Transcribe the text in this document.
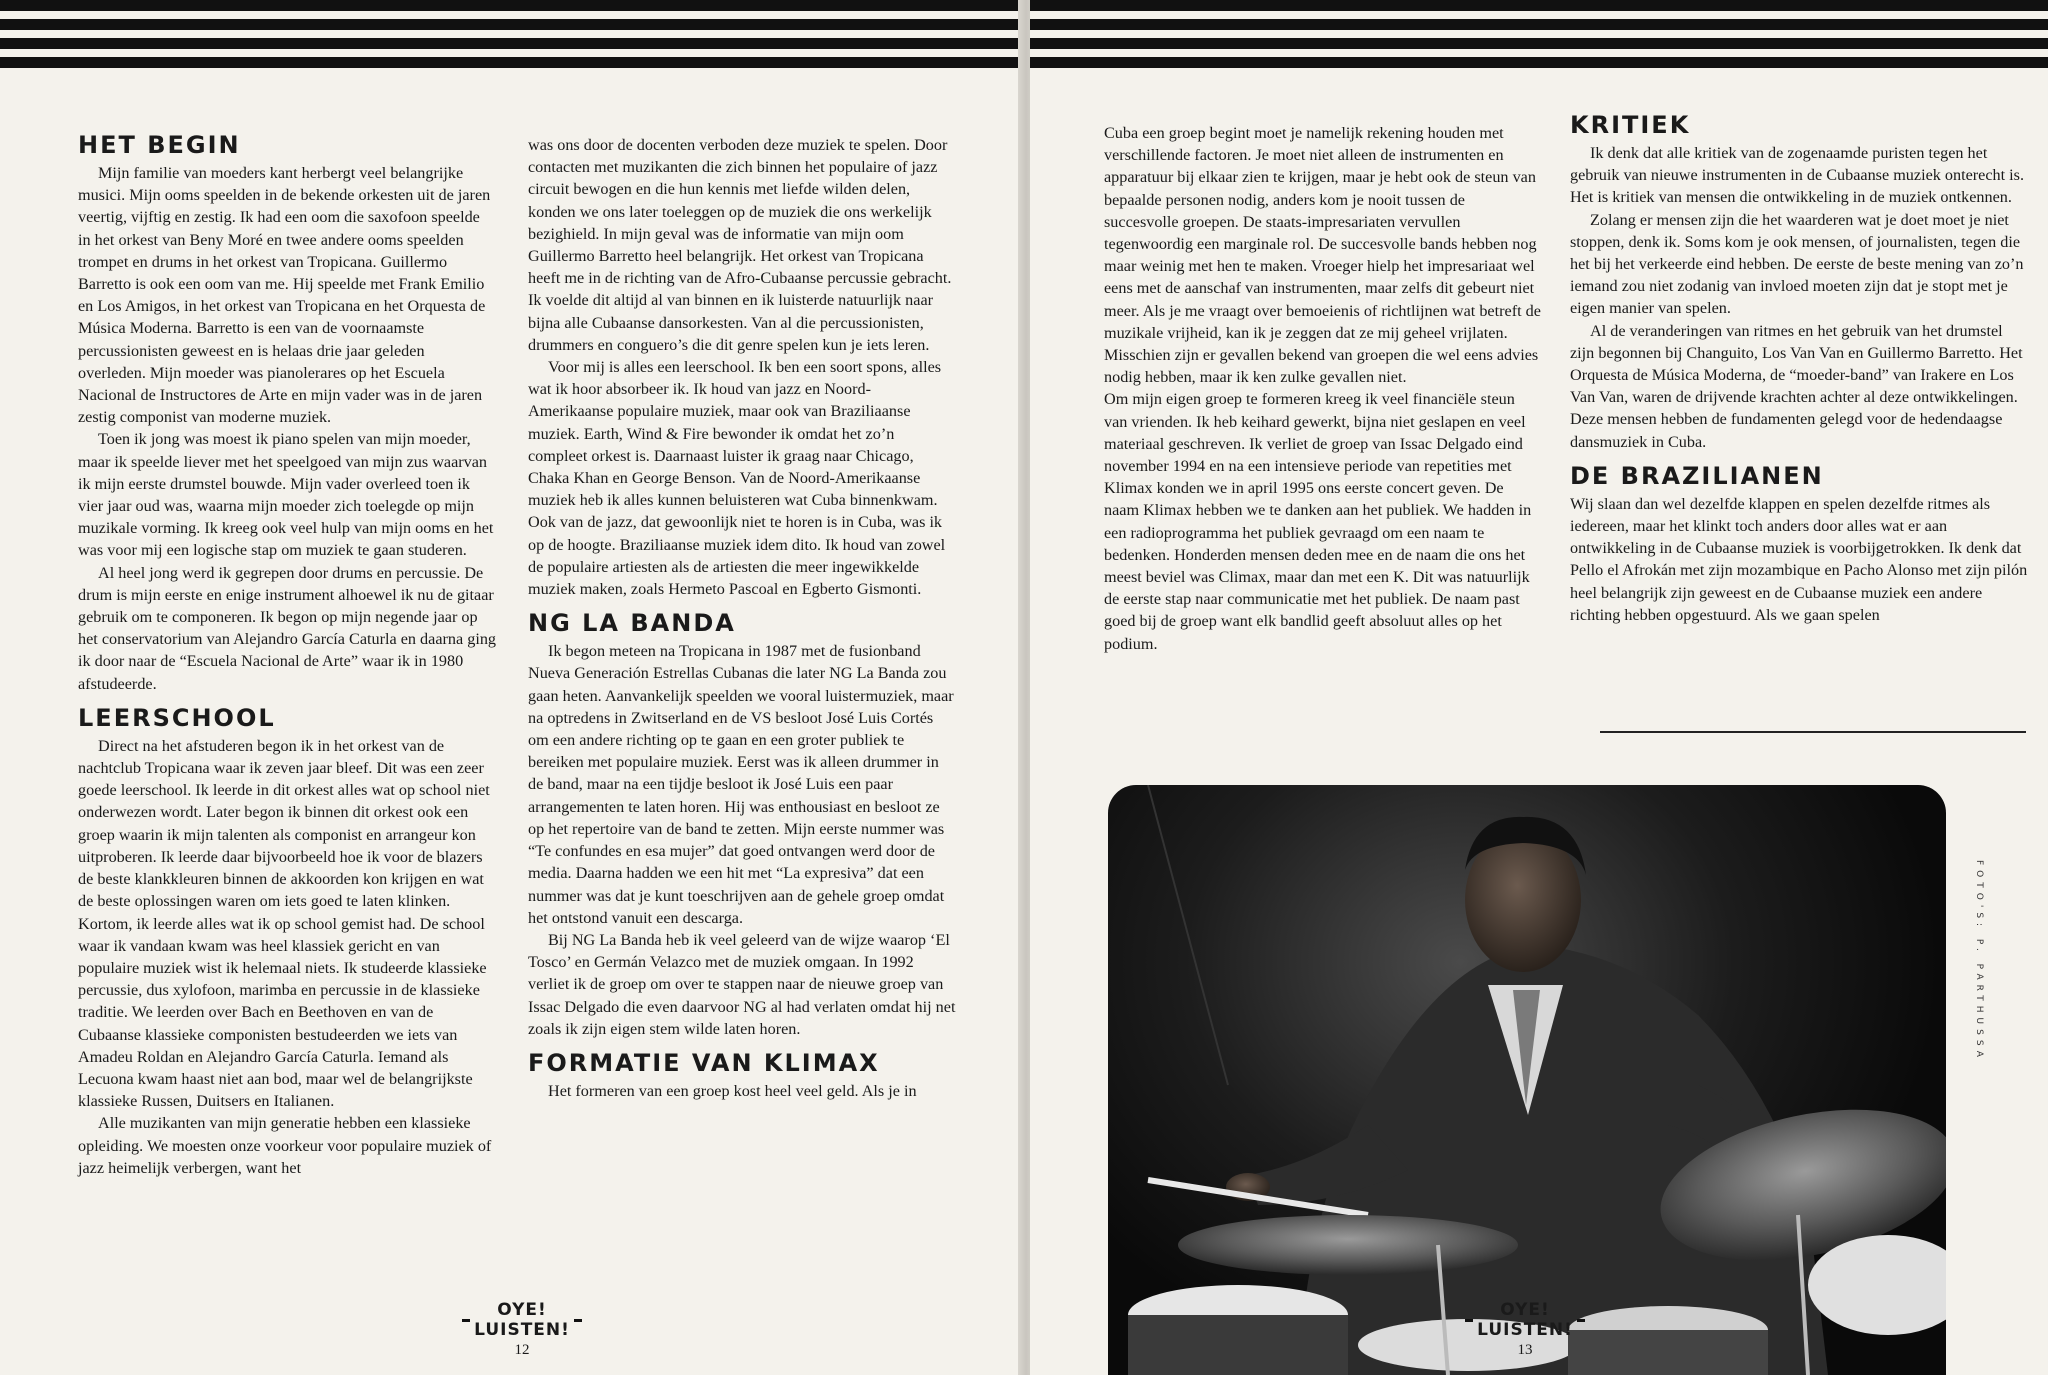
HET BEGIN

Mijn familie van moeders kant herbergt veel belangrijke musici. Mijn ooms speelden in de bekende orkesten uit de jaren veertig, vijftig en zestig. Ik had een oom die saxofoon speelde in het orkest van Beny Moré en twee andere ooms speelden trompet en drums in het orkest van Tropicana. Guillermo Barretto is ook een oom van me. Hij speelde met Frank Emilio en Los Amigos, in het orkest van Tropicana en het Orquesta de Música Moderna. Barretto is een van de voornaamste percussionisten geweest en is helaas drie jaar geleden overleden. Mijn moeder was pianolerares op het Escuela Nacional de Instructores de Arte en mijn vader was in de jaren zestig componist van moderne muziek.

Toen ik jong was moest ik piano spelen van mijn moeder, maar ik speelde liever met het speelgoed van mijn zus waarvan ik mijn eerste drumstel bouwde. Mijn vader overleed toen ik vier jaar oud was, waarna mijn moeder zich toelegde op mijn muzikale vorming. Ik kreeg ook veel hulp van mijn ooms en het was voor mij een logische stap om muziek te gaan studeren.

Al heel jong werd ik gegrepen door drums en percussie. De drum is mijn eerste en enige instrument alhoewel ik nu de gitaar gebruik om te componeren. Ik begon op mijn negende jaar op het conservatorium van Alejandro García Caturla en daarna ging ik door naar de “Escuela Nacional de Arte” waar ik in 1980 afstudeerde.

LEERSCHOOL

Direct na het afstuderen begon ik in het orkest van de nachtclub Tropicana waar ik zeven jaar bleef. Dit was een zeer goede leerschool. Ik leerde in dit orkest alles wat op school niet onderwezen wordt. Later begon ik binnen dit orkest ook een groep waarin ik mijn talenten als componist en arrangeur kon uitproberen. Ik leerde daar bijvoorbeeld hoe ik voor de blazers de beste klankkleuren binnen de akkoorden kon krijgen en wat de beste oplossingen waren om iets goed te laten klinken. Kortom, ik leerde alles wat ik op school gemist had. De school waar ik vandaan kwam was heel klassiek gericht en van populaire muziek wist ik helemaal niets. Ik studeerde klassieke percussie, dus xylofoon, marimba en percussie in de klassieke traditie. We leerden over Bach en Beethoven en van de Cubaanse klassieke componisten bestudeerden we iets van Amadeu Roldan en Alejandro García Caturla. Iemand als Lecuona kwam haast niet aan bod, maar wel de belangrijkste klassieke Russen, Duitsers en Italianen.

Alle muzikanten van mijn generatie hebben een klassieke opleiding. We moesten onze voorkeur voor populaire muziek of jazz heimelijk verbergen, want het

was ons door de docenten verboden deze muziek te spelen. Door contacten met muzikanten die zich binnen het populaire of jazz circuit bewogen en die hun kennis met liefde wilden delen, konden we ons later toeleggen op de muziek die ons werkelijk bezighield. In mijn geval was de informatie van mijn oom Guillermo Barretto heel belangrijk. Het orkest van Tropicana heeft me in de richting van de Afro-Cubaanse percussie gebracht. Ik voelde dit altijd al van binnen en ik luisterde natuurlijk naar bijna alle Cubaanse dansorkesten. Van al die percussionisten, drummers en conguero’s die dit genre spelen kun je iets leren.

Voor mij is alles een leerschool. Ik ben een soort spons, alles wat ik hoor absorbeer ik. Ik houd van jazz en Noord-Amerikaanse populaire muziek, maar ook van Braziliaanse muziek. Earth, Wind & Fire bewonder ik omdat het zo’n compleet orkest is. Daarnaast luister ik graag naar Chicago, Chaka Khan en George Benson. Van de Noord-Amerikaanse muziek heb ik alles kunnen beluisteren wat Cuba binnenkwam. Ook van de jazz, dat gewoonlijk niet te horen is in Cuba, was ik op de hoogte. Braziliaanse muziek idem dito. Ik houd van zowel de populaire artiesten als de artiesten die meer ingewikkelde muziek maken, zoals Hermeto Pascoal en Egberto Gismonti.

NG LA BANDA

Ik begon meteen na Tropicana in 1987 met de fusionband Nueva Generación Estrellas Cubanas die later NG La Banda zou gaan heten. Aanvankelijk speelden we vooral luistermuziek, maar na optredens in Zwitserland en de VS besloot José Luis Cortés om een andere richting op te gaan en een groter publiek te bereiken met populaire muziek. Eerst was ik alleen drummer in de band, maar na een tijdje besloot ik José Luis een paar arrangementen te laten horen. Hij was enthousiast en besloot ze op het repertoire van de band te zetten. Mijn eerste nummer was “Te confundes en esa mujer” dat goed ontvangen werd door de media. Daarna hadden we een hit met “La expresiva” dat een nummer was dat je kunt toeschrijven aan de gehele groep omdat het ontstond vanuit een descarga.

Bij NG La Banda heb ik veel geleerd van de wijze waarop ‘El Tosco’ en Germán Velazco met de muziek omgaan. In 1992 verliet ik de groep om over te stappen naar de nieuwe groep van Issac Delgado die even daarvoor NG al had verlaten omdat hij net zoals ik zijn eigen stem wilde laten horen.

FORMATIE VAN KLIMAX

Het formeren van een groep kost heel veel geld. Als je in

OYE! LUISTEN!
12

Cuba een groep begint moet je namelijk rekening houden met verschillende factoren. Je moet niet alleen de instrumenten en apparatuur bij elkaar zien te krijgen, maar je hebt ook de steun van bepaalde personen nodig, anders kom je nooit tussen de succesvolle groepen. De staats-impresariaten vervullen tegenwoordig een marginale rol. De succesvolle bands hebben nog maar weinig met hen te maken. Vroeger hielp het impresariaat wel eens met de aanschaf van instrumenten, maar zelfs dit gebeurt niet meer. Als je me vraagt over bemoeienis of richtlijnen wat betreft de muzikale vrijheid, kan ik je zeggen dat ze mij geheel vrijlaten. Misschien zijn er gevallen bekend van groepen die wel eens advies nodig hebben, maar ik ken zulke gevallen niet.

Om mijn eigen groep te formeren kreeg ik veel financiële steun van vrienden. Ik heb keihard gewerkt, bijna niet geslapen en veel materiaal geschreven. Ik verliet de groep van Issac Delgado eind november 1994 en na een intensieve periode van repetities met Klimax konden we in april 1995 ons eerste concert geven. De naam Klimax hebben we te danken aan het publiek. We hadden in een radioprogramma het publiek gevraagd om een naam te bedenken. Honderden mensen deden mee en de naam die ons het meest beviel was Climax, maar dan met een K. Dit was natuurlijk de eerste stap naar communicatie met het publiek. De naam past goed bij de groep want elk bandlid geeft absoluut alles op het podium.

KRITIEK

Ik denk dat alle kritiek van de zogenaamde puristen tegen het gebruik van nieuwe instrumenten in de Cubaanse muziek onterecht is. Het is kritiek van mensen die ontwikkeling in de muziek ontkennen.

Zolang er mensen zijn die het waarderen wat je doet moet je niet stoppen, denk ik. Soms kom je ook mensen, of journalisten, tegen die het bij het verkeerde eind hebben. De eerste de beste mening van zo’n iemand zou niet zodanig van invloed moeten zijn dat je stopt met je eigen manier van spelen.

Al de veranderingen van ritmes en het gebruik van het drumstel zijn begonnen bij Changuito, Los Van Van en Guillermo Barretto. Het Orquesta de Música Moderna, de “moeder-band” van Irakere en Los Van Van, waren de drijvende krachten achter al deze ontwikkelingen. Deze mensen hebben de fundamenten gelegd voor de hedendaagse dansmuziek in Cuba.

DE BRAZILIANEN

Wij slaan dan wel dezelfde klappen en spelen dezelfde ritmes als iedereen, maar het klinkt toch anders door alles wat er aan ontwikkeling in de Cubaanse muziek is voorbijgetrokken. Ik denk dat Pello el Afrokán met zijn mozambique en Pacho Alonso met zijn pilón heel belangrijk zijn geweest en de Cubaanse muziek een andere richting hebben opgestuurd. Als we gaan spelen

FOTO'S: P. PARTHUSSA
OYE! LUISTEN!
13
